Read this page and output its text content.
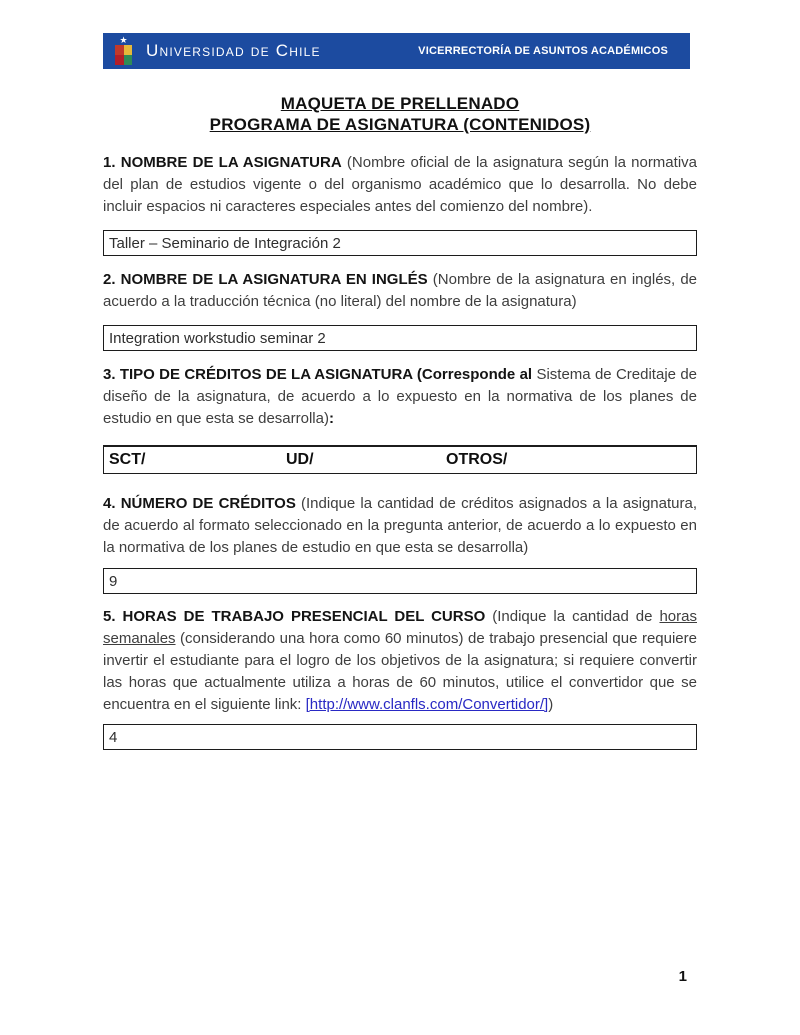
★
Universidad de Chile	VICERRECTORÍA DE ASUNTOS ACADÉMICOS
MAQUETA DE PRELLENADO
PROGRAMA DE ASIGNATURA (CONTENIDOS)

1. NOMBRE DE LA ASIGNATURA (Nombre oficial de la asignatura según la normativa del plan de estudios vigente o del organismo académico que lo desarrolla. No debe incluir espacios ni caracteres especiales antes del comienzo del nombre).

Taller – Seminario de Integración 2

2. NOMBRE DE LA ASIGNATURA EN INGLÉS (Nombre de la asignatura en inglés, de acuerdo a la traducción técnica (no literal) del nombre de la asignatura)

Integration workstudio seminar 2

3. TIPO DE CRÉDITOS DE LA ASIGNATURA (Corresponde al Sistema de Creditaje de diseño de la asignatura, de acuerdo a lo expuesto en la normativa de los planes de estudio en que esta se desarrolla):

SCT/	UD/	OTROS/

4. NÚMERO DE CRÉDITOS (Indique la cantidad de créditos asignados a la asignatura, de acuerdo al formato seleccionado en la pregunta anterior, de acuerdo a lo expuesto en la normativa de los planes de estudio en que esta se desarrolla)

9

5. HORAS DE TRABAJO PRESENCIAL DEL CURSO (Indique la cantidad de horas semanales (considerando una hora como 60 minutos) de trabajo presencial que requiere invertir el estudiante para el logro de los objetivos de la asignatura; si requiere convertir las horas que actualmente utiliza a horas de 60 minutos, utilice el convertidor que se encuentra en el siguiente link: [http://www.clanfls.com/Convertidor/])

4
1
